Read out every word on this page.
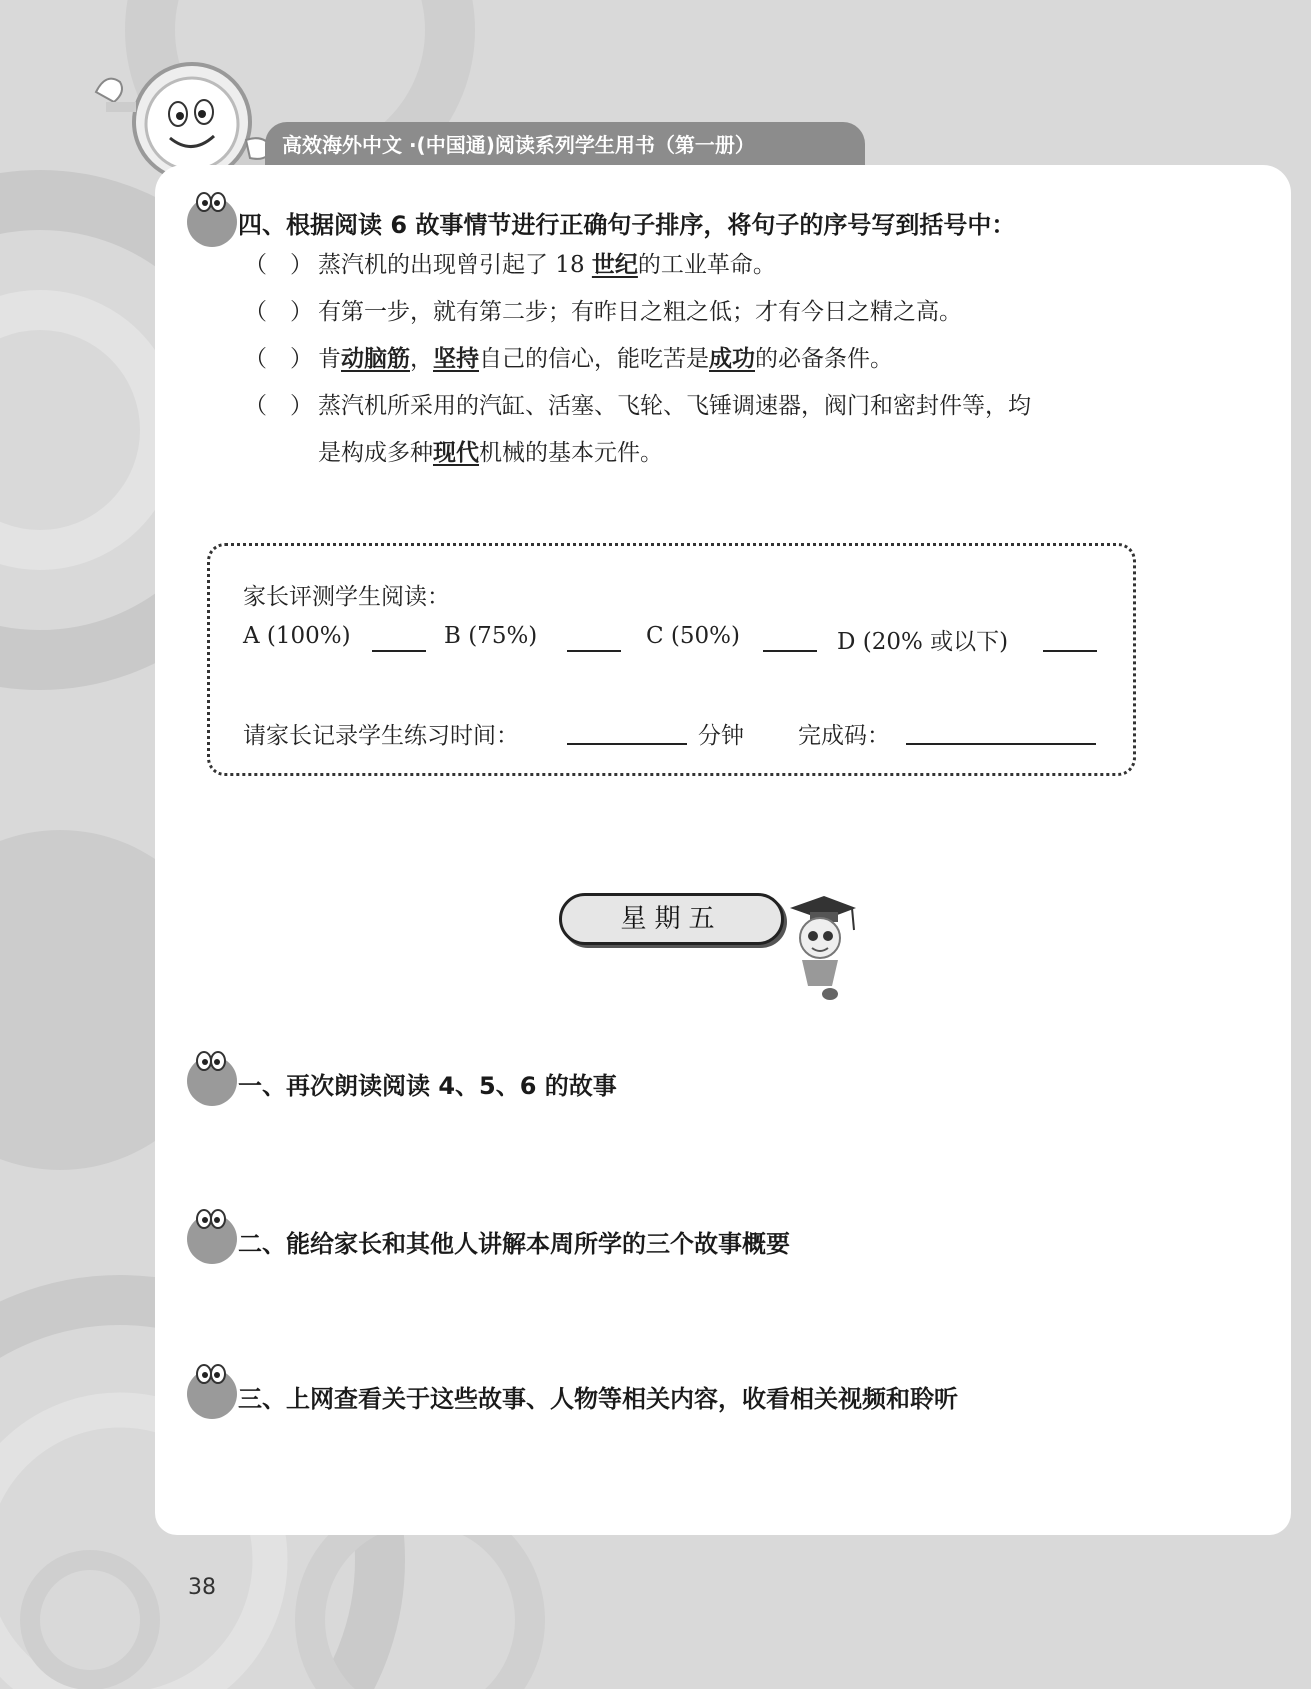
高效海外中文 ·(中国通)阅读系列学生用书（第一册）
四、根据阅读 6 故事情节进行正确句子排序，将句子的序号写到括号中：
（　） 蒸汽机的出现曾引起了 18 世纪的工业革命。
（　） 有第一步，就有第二步；有昨日之粗之低；才有今日之精之高。
（　） 肯动脑筋，坚持自己的信心，能吃苦是成功的必备条件。
（　） 蒸汽机所采用的汽缸、活塞、飞轮、飞锤调速器，阀门和密封件等，均
是构成多种现代机械的基本元件。
家长评测学生阅读：
A (100%)	B (75%)	C (50%)	D (20% 或以下)
请家长记录学生练习时间：	分钟 完成码：
星期五
一、再次朗读阅读 4、5、6 的故事
二、能给家长和其他人讲解本周所学的三个故事概要
三、上网查看关于这些故事、人物等相关内容，收看相关视频和聆听
38
